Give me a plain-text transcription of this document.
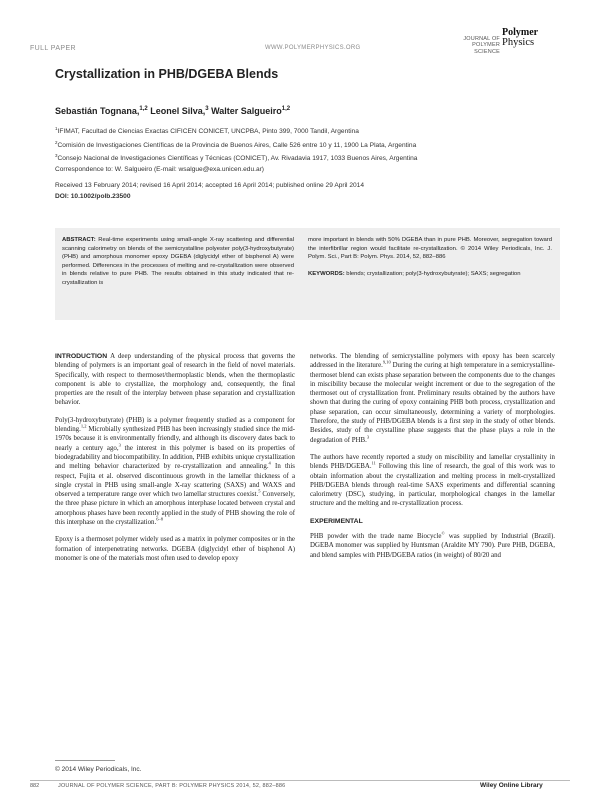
FULL PAPER	WWW.POLYMERPHYSICS.ORG
JOURNAL OF
POLYMER SCIENCE
Polymer
Physics
Crystallization in PHB/DGEBA Blends
Sebastián Tognana,$^{1,2}$ Leonel Silva,$^3$ Walter Salgueiro$^{1,2}$
$^1$IFIMAT, Facultad de Ciencias Exactas CIFICEN CONICET, UNCPBA, Pinto 399, 7000 Tandil, Argentina
$^2$Comisión de Investigaciones Científicas de la Provincia de Buenos Aires, Calle 526 entre 10 y 11, 1900 La Plata, Argentina
$^3$Consejo Nacional de Investigaciones Científicas y Técnicas (CONICET), Av. Rivadavia 1917, 1033 Buenos Aires, Argentina
Correspondence to: W. Salgueiro (E-mail: wsalgue@exa.unicen.edu.ar)
Received 13 February 2014; revised 16 April 2014; accepted 16 April 2014; published online 29 April 2014
DOI: 10.1002/polb.23500
ABSTRACT: Real-time experiments using small-angle X-ray scattering and differential scanning calorimetry on blends of the semicrystalline polyester poly(3-hydroxybutyrate) (PHB) and amorphous monomer epoxy DGEBA (diglycidyl ether of bisphenol A) were performed. Differences in the processes of melting and re-crystallization were observed in blends relative to pure PHB. The results obtained in this study indicated that re-crystallization is
more important in blends with 50% DGEBA than in pure PHB. Moreover, segregation toward the interfibrillar region would facilitate re-crystallization. © 2014 Wiley Periodicals, Inc. J. Polym. Sci., Part B: Polym. Phys. 2014, 52, 882–886
KEYWORDS: blends; crystallization; poly(3-hydroxybutyrate); SAXS; segregation

INTRODUCTION A deep understanding of the physical process that governs the blending of polymers is an important goal of research in the field of novel materials. Specifically, with respect to thermoset/thermoplastic blends, when the thermoplastic component is able to crystallize, the morphology and, consequently, the final properties are the result of the interplay between phase separation and crystallization behavior.

Poly(3-hydroxybutyrate) (PHB) is a polymer frequently studied as a component for blending.$^{1,2}$ Microbially synthesized PHB has been increasingly studied since the mid-1970s because it is environmentally friendly, and although its discovery dates back to nearly a century ago,$^3$ the interest in this polymer is based on its properties of biodegradability and biocompatibility. In addition, PHB exhibits unique crystallization and melting behavior characterized by re-crystallization and annealing.$^4$ In this respect, Fujita et al. observed discontinuous growth in the lamellar thickness of a single crystal in PHB using small-angle X-ray scattering (SAXS) and WAXS and observed a temperature range over which two lamellar structures coexist.$^5$ Conversely, the three phase picture in which an amorphous interphase located between crystal and amorphous phases have been recently applied in the study of PHB showing the role of this interphase on the crystallization.$^{6-8}$

Epoxy is a thermoset polymer widely used as a matrix in polymer composites or in the formation of interpenetrating networks. DGEBA (diglycidyl ether of bisphenol A) monomer is one of the materials most often used to develop epoxy

networks. The blending of semicrystalline polymers with epoxy has been scarcely addressed in the literature.$^{9,10}$ During the curing at high temperature in a semicrystalline-thermoset blend can exists phase separation between the components due to the changes in miscibility because the molecular weight increment or due to the segregation of the thermoset out of crystallization front. Preliminary results obtained by the authors have shown that during the curing of epoxy containing PHB both process, crystallization and phase separation, can occur simultaneously, determining a variety of morphologies. Therefore, the study of PHB/DGEBA blends is a first step in the study of other blends. Besides, study of the crystalline phase suggests that the phase plays a role in the degradation of PHB.$^3$

The authors have recently reported a study on miscibility and lamellar crystallinity in blends PHB/DGEBA.$^{11}$ Following this line of research, the goal of this work was to obtain information about the crystallization and melting process in melt-crystallized PHB/DGEBA blends through real-time SAXS experiments and differential scanning calorimetry (DSC), studying, in particular, morphological changes in the lamellar structure and the melting and re-crystallization process.

EXPERIMENTAL

PHB powder with the trade name Biocycle© was supplied by Industrial (Brazil). DGEBA monomer was supplied by Huntsman (Araldite MY 790). Pure PHB, DGEBA, and blend samples with PHB/DGEBA ratios (in weight) of 80/20 and

© 2014 Wiley Periodicals, Inc.
882	JOURNAL OF POLYMER SCIENCE, PART B: POLYMER PHYSICS 2014, 52, 882–886	Wiley Online Library
